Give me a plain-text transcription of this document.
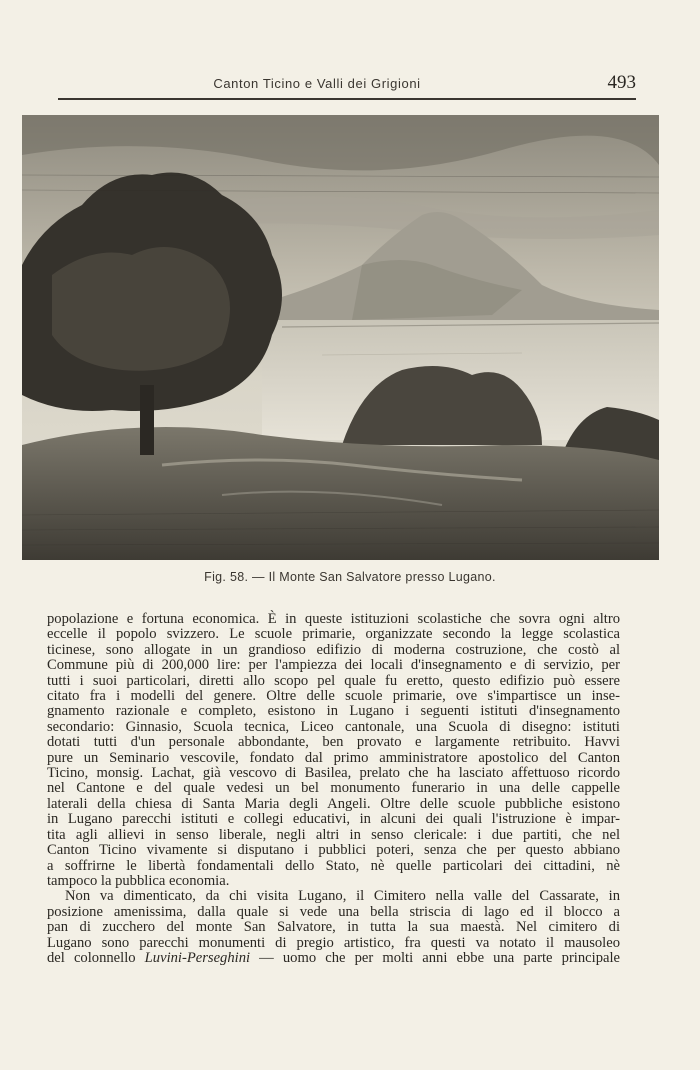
Canton Ticino e Valli dei Grigioni	493
Fig. 58. — Il Monte San Salvatore presso Lugano.
popolazione e fortuna economica. È in queste istituzioni scolastiche che sovra ogni altro
eccelle il popolo svizzero. Le scuole primarie, organizzate secondo la legge scolastica
ticinese, sono allogate in un grandioso edifizio di moderna costruzione, che costò al
Commune più di 200,000 lire: per l'ampiezza dei locali d'insegnamento e di servizio, per
tutti i suoi particolari, diretti allo scopo pel quale fu eretto, questo edifizio può essere
citato fra i modelli del genere. Oltre delle scuole primarie, ove s'impartisce un inse-
gnamento razionale e completo, esistono in Lugano i seguenti istituti d'insegnamento
secondario: Ginnasio, Scuola tecnica, Liceo cantonale, una Scuola di disegno: istituti
dotati tutti d'un personale abbondante, ben provato e largamente retribuito. Havvi
pure un Seminario vescovile, fondato dal primo amministratore apostolico del Canton
Ticino, monsig. Lachat, già vescovo di Basilea, prelato che ha lasciato affettuoso ricordo
nel Cantone e del quale vedesi un bel monumento funerario in una delle cappelle
laterali della chiesa di Santa Maria degli Angeli. Oltre delle scuole pubbliche esistono
in Lugano parecchi istituti e collegi educativi, in alcuni dei quali l'istruzione è impar-
tita agli allievi in senso liberale, negli altri in senso clericale: i due partiti, che nel
Canton Ticino vivamente si disputano i pubblici poteri, senza che per questo abbiano
a soffrirne le libertà fondamentali dello Stato, nè quelle particolari dei cittadini, nè
tampoco la pubblica economia.
Non va dimenticato, da chi visita Lugano, il Cimitero nella valle del Cassarate, in
posizione amenissima, dalla quale si vede una bella striscia di lago ed il blocco a
pan di zucchero del monte San Salvatore, in tutta la sua maestà. Nel cimitero di
Lugano sono parecchi monumenti di pregio artistico, fra questi va notato il mausoleo
del colonnello Luvini-Perseghini — uomo che per molti anni ebbe una parte principale
